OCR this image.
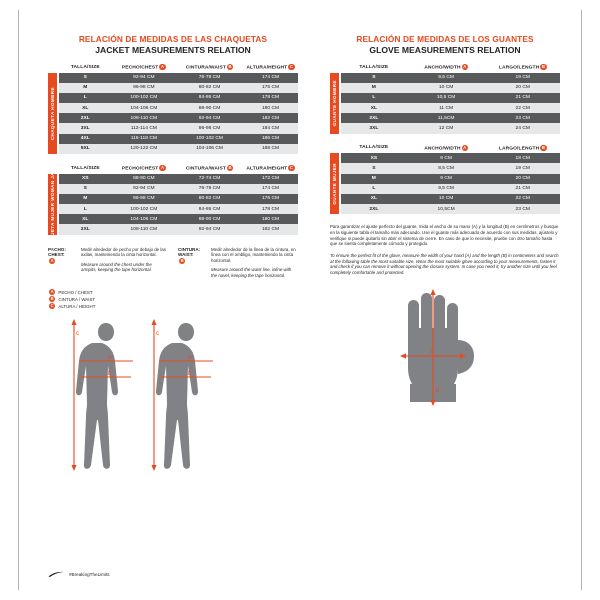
RELACIÓN DE MEDIDAS DE LAS CHAQUETAS
JACKET MEASUREMENTS RELATION
CHAQUETA HOMBRE
TALLA/SIZE	PECHO/CHEST A	CINTURA/WAIST B	ALTURA/HEIGHT C
S	92-94 CM	76-78 CM	174 CM
M	96-98 CM	80-82 CM	175 CM
L	100-102 CM	84-86 CM	178 CM
XL	104-106 CM	88-90 CM	180 CM
2XL	108-110 CM	92-94 CM	182 CM
3XL	112-114 CM	96-98 CM	184 CM
4XL	116-118 CM	100-102 CM	186 CM
5XL	120-122 CM	104-106 CM	188 CM
CHAQUETA MUJER WOMAN JACKET	TALLA/SIZE	PECHO/CHEST A	CINTURA/WAIST B	ALTURA/HEIGHT C
XS	88-90 CM	72-74 CM	172 CM
S	92-94 CM	76-78 CM	174 CM
M	96-98 CM	80-82 CM	176 CM
L	100-102 CM	84-86 CM	178 CM
XL	104-106 CM	88-90 CM	180 CM
2XL	108-110 CM	92-94 CM	182 CM
PECHO:
CHEST:
A
Medir alrededor de pecho por debajo de las axilas, manteniendo la cinta horizontal.
Measure around the chest under the armpits, keeping the tape horizontal.
CINTURA:
WAIST:
B
Medir alrededor de la línea de la cintura, en línea con el ombligo, manteniendo la cinta horizontal.
Measure around the waist line, inline with the navel, keeping the tape horizontal.
A	PECHO / CHEST
B	CINTURA / WAIST
C	ALTURA / HEIGHT
c
a
b
c
a
b
RELACIÓN DE MEDIDAS DE LOS GUANTES
GLOVE MEASUREMENTS RELATION
GUANTE HOMBRE
TALLA/SIZE	ANCHO/WIDTH A	LARGO/LENGTH B
S	9,5 CM	19 CM
M	10 CM	20 CM
L	10,5 CM	21 CM
XL	11 CM	22 CM
2XL	11,5CM	23 CM
3XL	12 CM	24 CM
GUANTE MUJER
TALLA/SIZE	ANCHO/WIDTH A	LARGO/LENGTH B
XS	8 CM	18 CM
S	8,5 CM	19 CM
M	9 CM	20 CM
L	9,5 CM	21 CM
XL	10 CM	22 CM
2XL	10,5CM	23 CM
Para garantizar el ajuste perfecto del guante, mida el ancho de su mano (A) y la longitud (B) en centímetros y busque en la siguiente tabla el tamaño más adecuado. Use el guante más adecuado de acuerdo con sus medidas, ajústelo y verifique si puede quitarlo sin abrir el sistema de cierre. En caso de que lo necesite, pruebe con otro tamaño hasta que se sienta completamente cómodo y protegido.
To ensure the perfect fit of the glove, measure the width of your hand (A) and the length (B) in centimeters and search at the following table the most suitable size. Wear the most suitable glove according to your measurements, fasten it and check if you can remove it without opening the closure system. In case you need it, try another size until you feel completely comfortable and protected.
a
b
#BreakingTheLimits
